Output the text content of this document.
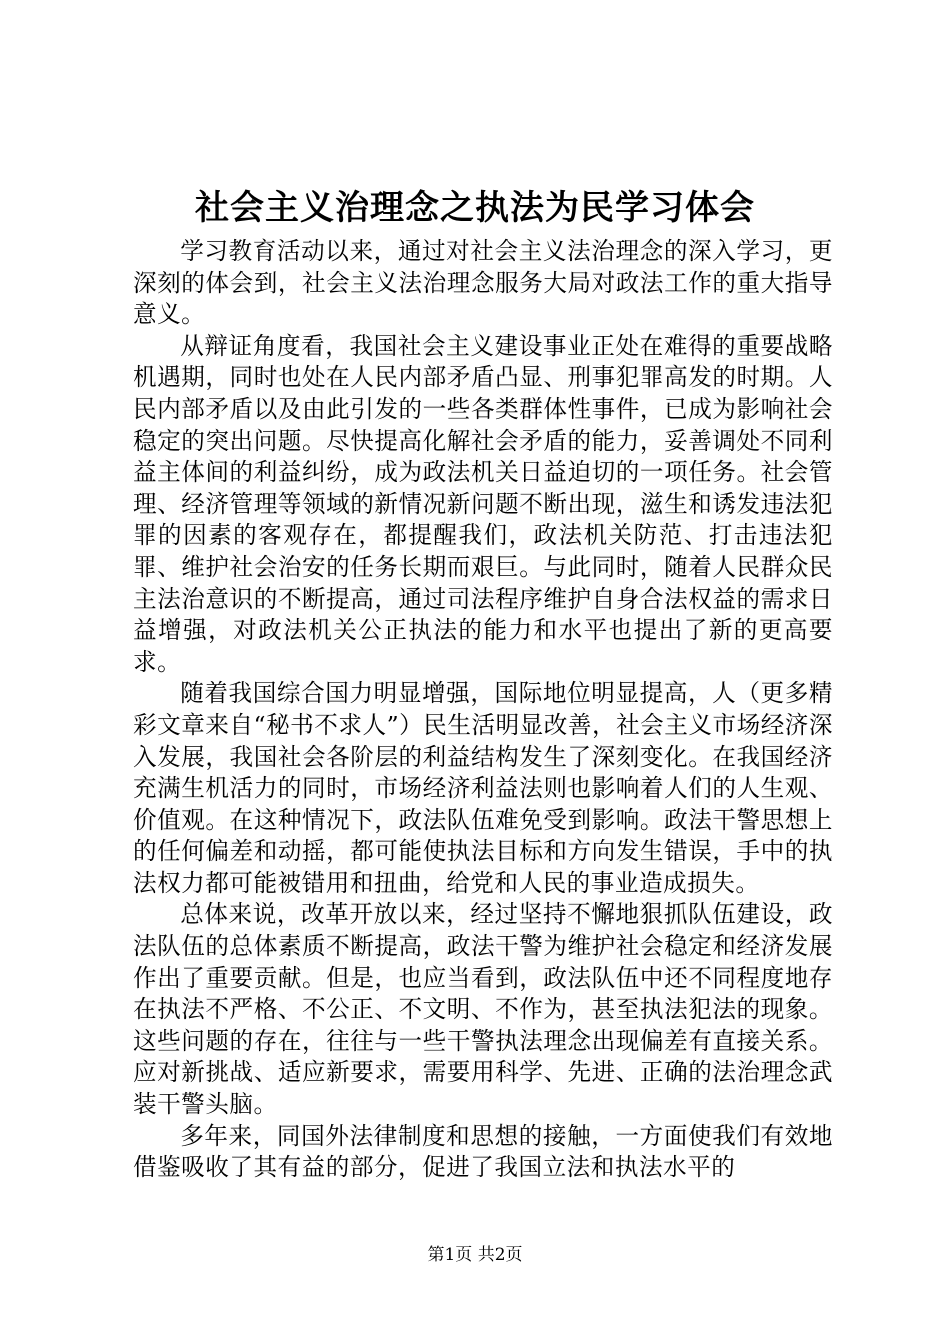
社会主义治理念之执法为民学习体会

学习教育活动以来，通过对社会主义法治理念的深入学习，更深刻的体会到，社会主义法治理念服务大局对政法工作的重大指导意义。

从辩证角度看，我国社会主义建设事业正处在难得的重要战略机遇期，同时也处在人民内部矛盾凸显、刑事犯罪高发的时期。人民内部矛盾以及由此引发的一些各类群体性事件，已成为影响社会稳定的突出问题。尽快提高化解社会矛盾的能力，妥善调处不同利益主体间的利益纠纷，成为政法机关日益迫切的一项任务。社会管理、经济管理等领域的新情况新问题不断出现，滋生和诱发违法犯罪的因素的客观存在，都提醒我们，政法机关防范、打击违法犯罪、维护社会治安的任务长期而艰巨。与此同时，随着人民群众民主法治意识的不断提高，通过司法程序维护自身合法权益的需求日益增强，对政法机关公正执法的能力和水平也提出了新的更高要求。

随着我国综合国力明显增强，国际地位明显提高，人（更多精彩文章来自“秘书不求人”）民生活明显改善，社会主义市场经济深入发展，我国社会各阶层的利益结构发生了深刻变化。在我国经济充满生机活力的同时，市场经济利益法则也影响着人们的人生观、价值观。在这种情况下，政法队伍难免受到影响。政法干警思想上的任何偏差和动摇，都可能使执法目标和方向发生错误，手中的执法权力都可能被错用和扭曲，给党和人民的事业造成损失。

总体来说，改革开放以来，经过坚持不懈地狠抓队伍建设，政法队伍的总体素质不断提高，政法干警为维护社会稳定和经济发展作出了重要贡献。但是，也应当看到，政法队伍中还不同程度地存在执法不严格、不公正、不文明、不作为，甚至执法犯法的现象。这些问题的存在，往往与一些干警执法理念出现偏差有直接关系。应对新挑战、适应新要求，需要用科学、先进、正确的法治理念武装干警头脑。

多年来，同国外法律制度和思想的接触，一方面使我们有效地借鉴吸收了其有益的部分，促进了我国立法和执法水平的

第1页 共2页
